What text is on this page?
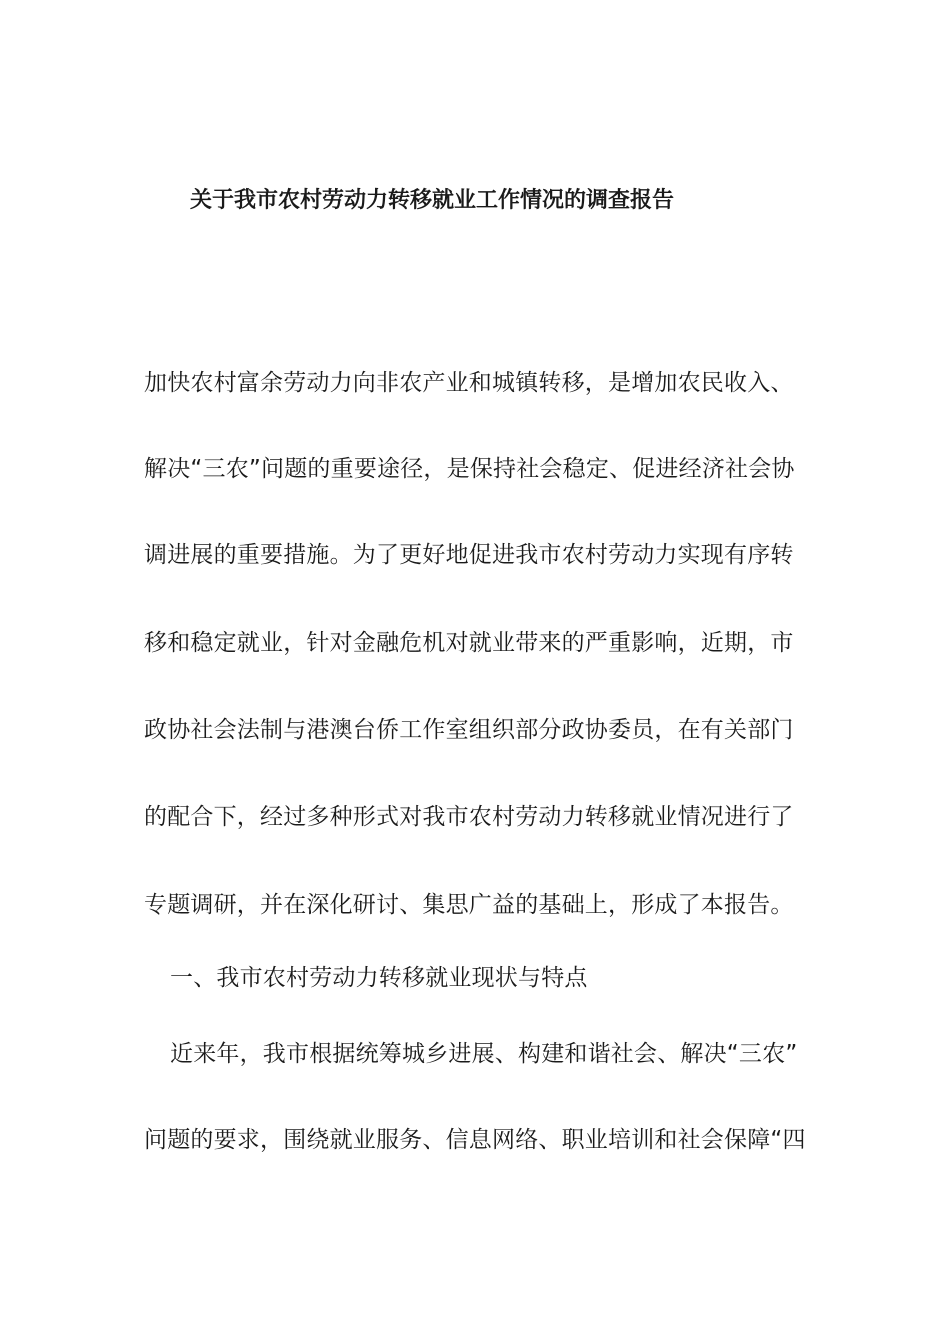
关于我市农村劳动力转移就业工作情况的调查报告
加快农村富余劳动力向非农产业和城镇转移，是增加农民收入、
解决“三农”问题的重要途径，是保持社会稳定、促进经济社会协
调进展的重要措施。为了更好地促进我市农村劳动力实现有序转
移和稳定就业，针对金融危机对就业带来的严重影响，近期，市
政协社会法制与港澳台侨工作室组织部分政协委员，在有关部门
的配合下，经过多种形式对我市农村劳动力转移就业情况进行了
专题调研，并在深化研讨、集思广益的基础上，形成了本报告。
一、我市农村劳动力转移就业现状与特点
近来年，我市根据统筹城乡进展、构建和谐社会、解决“三农”
问题的要求，围绕就业服务、信息网络、职业培训和社会保障“四
